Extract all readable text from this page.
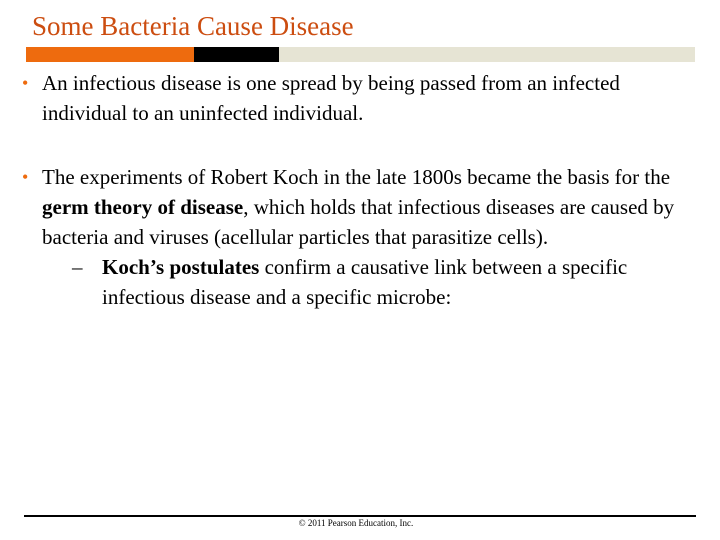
Some Bacteria Cause Disease
• An infectious disease is one spread by being passed from an infected individual to an uninfected individual.
• The experiments of Robert Koch in the late 1800s became the basis for the germ theory of disease, which holds that infectious diseases are caused by bacteria and viruses (acellular particles that parasitize cells).
– Koch’s postulates confirm a causative link between a specific infectious disease and a specific microbe:
© 2011 Pearson Education, Inc.
